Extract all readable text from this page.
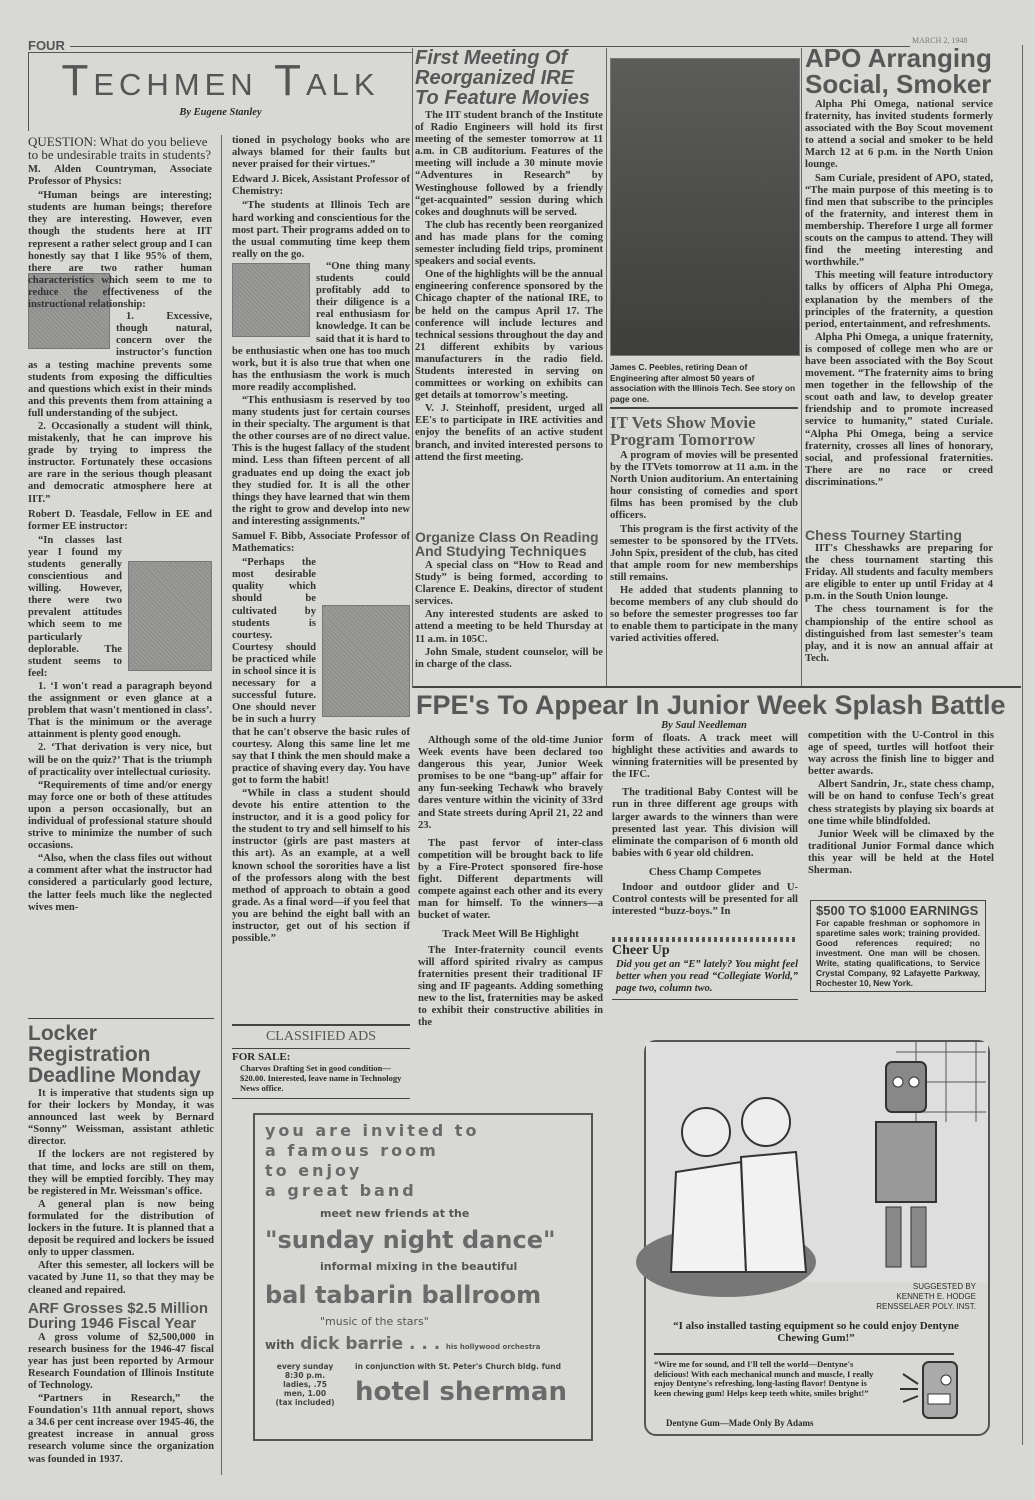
FOUR	MARCH 2, 1948
Techmen Talk
By Eugene Stanley
QUESTION: What do you believe to be undesirable traits in students?
M. Alden Countryman, Associate Professor of Physics:

“Human beings are interesting; students are human beings; therefore they are interesting. However, even though the students here at IIT represent a rather select group and I can honestly say that I like 95% of them, there are two rather human characteristics which seem to me to reduce the effectiveness of the instructional relationship:

1. Excessive, though natural, concern over the instructor's function as a testing machine prevents some students from exposing the difficulties and questions which exist in their minds and this prevents them from attaining a full understanding of the subject.

2. Occasionally a student will think, mistakenly, that he can improve his grade by trying to impress the instructor. Fortunately these occasions are rare in the serious though pleasant and democratic atmosphere here at IIT.”

Robert D. Teasdale, Fellow in EE and former EE instructor:

“In classes last year I found my students generally conscientious and willing. However, there were two prevalent attitudes which seem to me particularly deplorable. The student seems to feel:

1. ‘I won't read a paragraph beyond the assignment or even glance at a problem that wasn't mentioned in class’. That is the minimum or the average attainment is plenty good enough.

2. ‘That derivation is very nice, but will be on the quiz?’ That is the triumph of practicality over intellectual curiosity.

“Requirements of time and/or energy may force one or both of these attitudes upon a person occasionally, but an individual of professional stature should strive to minimize the number of such occasions.

“Also, when the class files out without a comment after what the instructor had considered a particularly good lecture, the latter feels much like the neglected wives men-

tioned in psychology books who are always blamed for their faults but never praised for their virtues.”

Edward J. Bicek, Assistant Professor of Chemistry:

“The students at Illinois Tech are hard working and conscientious for the most part. Their programs added on to the usual commuting time keep them really on the go.

“One thing many students could profitably add to their diligence is a real enthusiasm for knowledge. It can be said that it is hard to be enthusiastic when one has too much work, but it is also true that when one has the enthusiasm the work is much more readily accomplished.

“This enthusiasm is reserved by too many students just for certain courses in their specialty. The argument is that the other courses are of no direct value. This is the hugest fallacy of the student mind. Less than fifteen percent of all graduates end up doing the exact job they studied for. It is all the other things they have learned that win them the right to grow and develop into new and interesting assignments.”

Samuel F. Bibb, Associate Professor of Mathematics:

“Perhaps the most desirable quality which should be cultivated by students is courtesy. Courtesy should be practiced while in school since it is necessary for a successful future. One should never be in such a hurry that he can't observe the basic rules of courtesy. Along this same line let me say that I think the men should make a practice of shaving every day. You have got to form the habit!

“While in class a student should devote his entire attention to the instructor, and it is a good policy for the student to try and sell himself to his instructor (girls are past masters at this art). As an example, at a well known school the sororities have a list of the professors along with the best method of approach to obtain a good grade. As a final word—if you feel that you are behind the eight ball with an instructor, get out of his section if possible.”

CLASSIFIED ADS
FOR SALE:
Charvos Drafting Set in good condition—$20.00. Interested, leave name in Technology News office.
Locker Registration Deadline Monday

It is imperative that students sign up for their lockers by Monday, it was announced last week by Bernard “Sonny” Weissman, assistant athletic director.

If the lockers are not registered by that time, and locks are still on them, they will be emptied forcibly. They may be registered in Mr. Weissman's office.

A general plan is now being formulated for the distribution of lockers in the future. It is planned that a deposit be required and lockers be issued only to upper classmen.

After this semester, all lockers will be vacated by June 11, so that they may be cleaned and repaired.

ARF Grosses $2.5 Million During 1946 Fiscal Year

A gross volume of $2,500,000 in research business for the 1946-47 fiscal year has just been reported by Armour Research Foundation of Illinois Institute of Technology.

“Partners in Research,” the Foundation's 11th annual report, shows a 34.6 per cent increase over 1945-46, the greatest increase in annual gross research volume since the organization was founded in 1937.

First Meeting Of Reorganized IRE To Feature Movies

The IIT student branch of the Institute of Radio Engineers will hold its first meeting of the semester tomorrow at 11 a.m. in CB auditorium. Features of the meeting will include a 30 minute movie “Adventures in Research” by Westinghouse followed by a friendly “get-acquainted” session during which cokes and doughnuts will be served.

The club has recently been reorganized and has made plans for the coming semester including field trips, prominent speakers and social events.

One of the highlights will be the annual engineering conference sponsored by the Chicago chapter of the national IRE, to be held on the campus April 17. The conference will include lectures and technical sessions throughout the day and 21 different exhibits by various manufacturers in the radio field. Students interested in serving on committees or working on exhibits can get details at tomorrow's meeting.

V. J. Steinhoff, president, urged all EE's to participate in IRE activities and enjoy the benefits of an active student branch, and invited interested persons to attend the first meeting.

Organize Class On Reading And Studying Techniques

A special class on “How to Read and Study” is being formed, according to Clarence E. Deakins, director of student services.

Any interested students are asked to attend a meeting to be held Thursday at 11 a.m. in 105C.

John Smale, student counselor, will be in charge of the class.

James C. Peebles, retiring Dean of Engineering after almost 50 years of association with the Illinois Tech. See story on page one.
IT Vets Show Movie Program Tomorrow

A program of movies will be presented by the ITVets tomorrow at 11 a.m. in the North Union auditorium. An entertaining hour consisting of comedies and sport films has been promised by the club officers.

This program is the first activity of the semester to be sponsored by the ITVets. John Spix, president of the club, has cited that ample room for new memberships still remains.

He added that students planning to become members of any club should do so before the semester progresses too far to enable them to participate in the many varied activities offered.

APO Arranging Social, Smoker

Alpha Phi Omega, national service fraternity, has invited students formerly associated with the Boy Scout movement to attend a social and smoker to be held March 12 at 6 p.m. in the North Union lounge.

Sam Curiale, president of APO, stated, “The main purpose of this meeting is to find men that subscribe to the principles of the fraternity, and interest them in membership. Therefore I urge all former scouts on the campus to attend. They will find the meeting interesting and worthwhile.”

This meeting will feature introductory talks by officers of Alpha Phi Omega, explanation by the members of the principles of the fraternity, a question period, entertainment, and refreshments.

Alpha Phi Omega, a unique fraternity, is composed of college men who are or have been associated with the Boy Scout movement. “The fraternity aims to bring men together in the fellowship of the scout oath and law, to develop greater friendship and to promote increased service to humanity,” stated Curiale. “Alpha Phi Omega, being a service fraternity, crosses all lines of honorary, social, and professional fraternities. There are no race or creed discriminations.”

Chess Tourney Starting

IIT's Chesshawks are preparing for the chess tournament starting this Friday. All students and faculty members are eligible to enter up until Friday at 4 p.m. in the South Union lounge.

The chess tournament is for the championship of the entire school as distinguished from last semester's team play, and it is now an annual affair at Tech.

FPE's To Appear In Junior Week Splash Battle
By Saul Needleman

Although some of the old-time Junior Week events have been declared too dangerous this year, Junior Week promises to be one “bang-up” affair for any fun-seeking Techawk who bravely dares venture within the vicinity of 33rd and State streets during April 21, 22 and 23.

The past fervor of inter-class competition will be brought back to life by a Fire-Protect sponsored fire-hose fight. Different departments will compete against each other and its every man for himself. To the winners—a bucket of water.

Track Meet Will Be Highlight

The Inter-fraternity council events will afford spirited rivalry as campus fraternities present their traditional IF sing and IF pageants. Adding something new to the list, fraternities may be asked to exhibit their constructive abilities in the

form of floats. A track meet will highlight these activities and awards to winning fraternities will be presented by the IFC.

The traditional Baby Contest will be run in three different age groups with larger awards to the winners than were presented last year. This division will eliminate the comparison of 6 month old babies with 6 year old children.

Chess Champ Competes

Indoor and outdoor glider and U-Control contests will be presented for all interested “buzz-boys.” In

Cheer Up
Did you get an “E” lately? You might feel better when you read “Collegiate World,” page two, column two.

competition with the U-Control in this age of speed, turtles will hotfoot their way across the finish line to bigger and better awards.

Albert Sandrin, Jr., state chess champ, will be on hand to confuse Tech's great chess strategists by playing six boards at one time while blindfolded.

Junior Week will be climaxed by the traditional Junior Formal dance which this year will be held at the Hotel Sherman.

$500 TO $1000 EARNINGS
For capable freshman or sophomore in sparetime sales work; training provided. Good references required; no investment. One man will be chosen. Write, stating qualifications, to Service Crystal Company, 92 Lafayette Parkway, Rochester 10, New York.
you are invited to
a famous room
to enjoy
a great band
meet new friends at the
"sunday night dance"
informal mixing in the beautiful
bal tabarin ballroom
"music of the stars"
with dick barrie . . . his hollywood orchestra
every sunday
8:30 p.m.
ladies, .75
men, 1.00
(tax included)
in conjunction with St. Peter's Church bldg. fund
hotel sherman
SUGGESTED BY
KENNETH E. HODGE
RENSSELAER POLY. INST.
“I also installed tasting equipment so he could enjoy Dentyne Chewing Gum!”
“Wire me for sound, and I'll tell the world—Dentyne's delicious! With each mechanical munch and muscle, I really enjoy Dentyne's refreshing, long-lasting flavor! Dentyne is keen chewing gum! Helps keep teeth white, smiles bright!”
Dentyne Gum—Made Only By Adams
